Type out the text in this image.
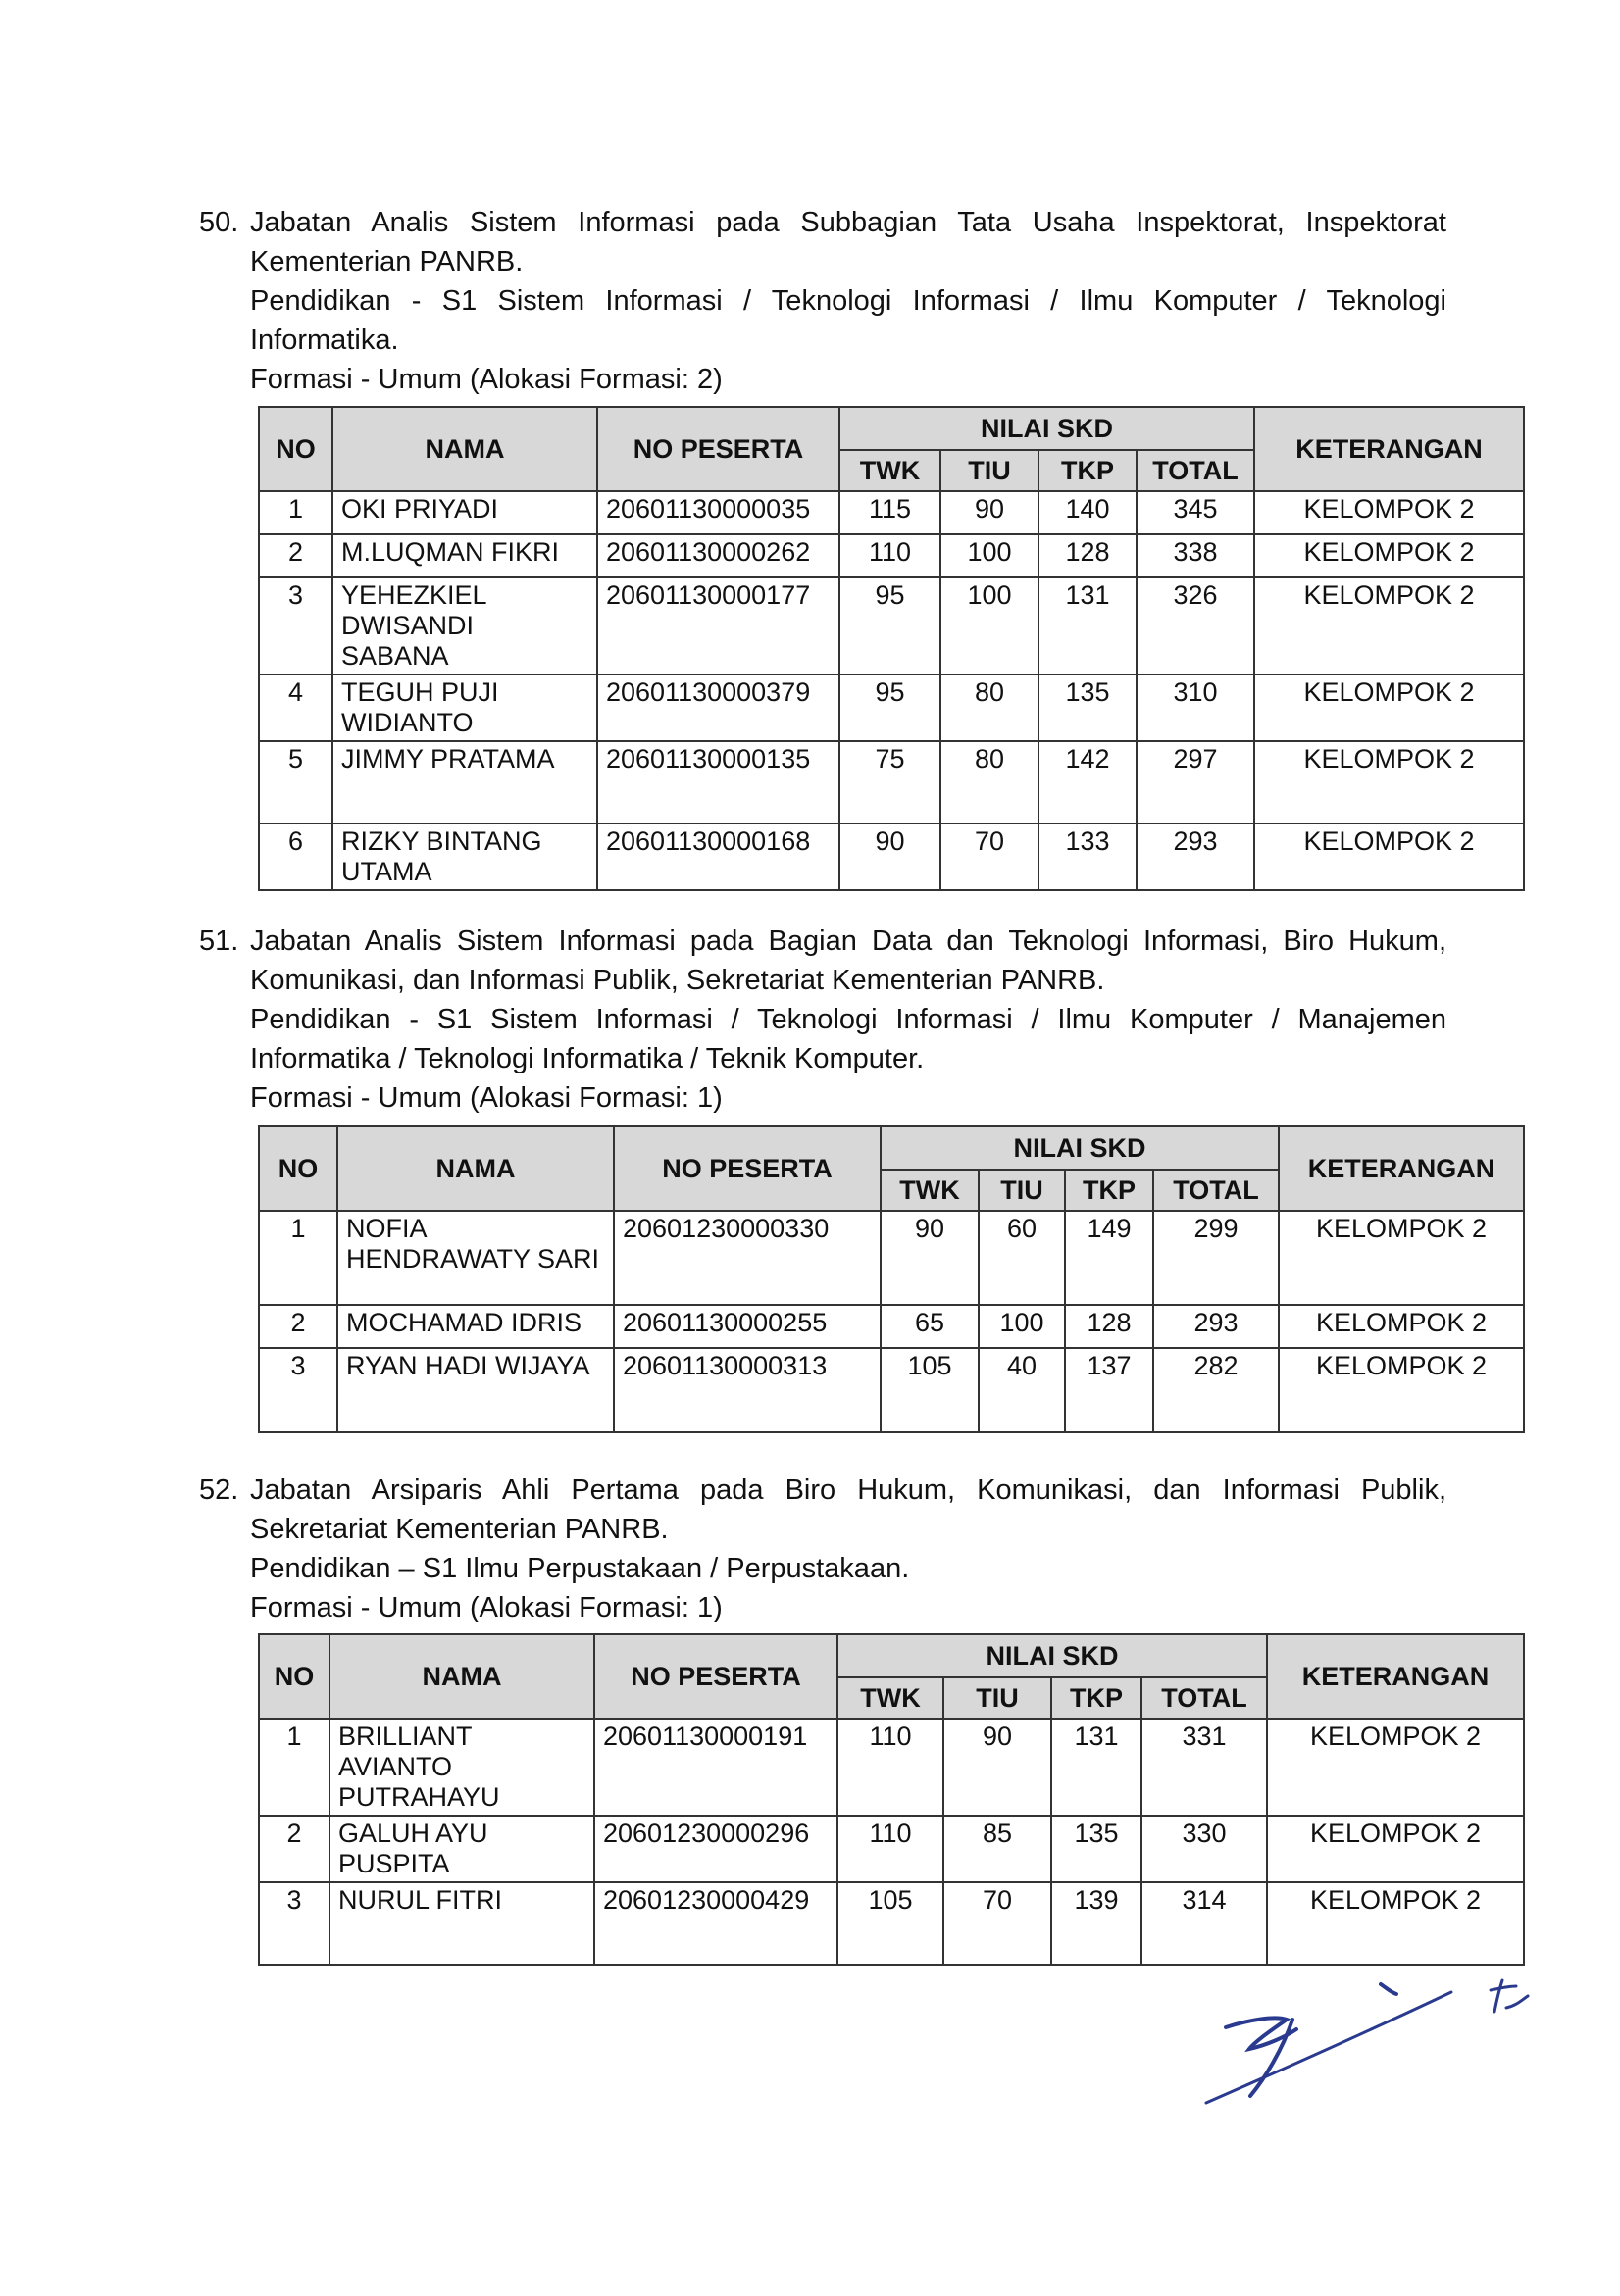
50. Jabatan Analis Sistem Informasi pada Subbagian Tata Usaha Inspektorat, Inspektorat Kementerian PANRB.

Pendidikan - S1 Sistem Informasi / Teknologi Informasi / Ilmu Komputer / Teknologi Informatika.

Formasi - Umum (Alokasi Formasi: 2)

NO	NAMA	NO PESERTA	NILAI SKD				KETERANGAN
			TWK	TIU	TKP	TOTAL	
1	OKI PRIYADI	20601130000035	115	90	140	345	KELOMPOK 2
2	M.LUQMAN FIKRI	20601130000262	110	100	128	338	KELOMPOK 2
3	YEHEZKIEL DWISANDI SABANA	20601130000177	95	100	131	326	KELOMPOK 2
4	TEGUH PUJI WIDIANTO	20601130000379	95	80	135	310	KELOMPOK 2
5	JIMMY PRATAMA	20601130000135	75	80	142	297	KELOMPOK 2
6	RIZKY BINTANG UTAMA	20601130000168	90	70	133	293	KELOMPOK 2
51. Jabatan Analis Sistem Informasi pada Bagian Data dan Teknologi Informasi, Biro Hukum, Komunikasi, dan Informasi Publik, Sekretariat Kementerian PANRB.

Pendidikan - S1 Sistem Informasi / Teknologi Informasi / Ilmu Komputer / Manajemen Informatika / Teknologi Informatika / Teknik Komputer.

Formasi - Umum (Alokasi Formasi: 1)

NO	NAMA	NO PESERTA	NILAI SKD				KETERANGAN
			TWK	TIU	TKP	TOTAL	
1	NOFIA HENDRAWATY SARI	20601230000330	90	60	149	299	KELOMPOK 2
2	MOCHAMAD IDRIS	20601130000255	65	100	128	293	KELOMPOK 2
3	RYAN HADI WIJAYA	20601130000313	105	40	137	282	KELOMPOK 2
52. Jabatan Arsiparis Ahli Pertama pada Biro Hukum, Komunikasi, dan Informasi Publik, Sekretariat Kementerian PANRB.

Pendidikan – S1 Ilmu Perpustakaan / Perpustakaan.

Formasi - Umum (Alokasi Formasi: 1)

NO	NAMA	NO PESERTA	NILAI SKD				KETERANGAN
			TWK	TIU	TKP	TOTAL	
1	BRILLIANT AVIANTO PUTRAHAYU	20601130000191	110	90	131	331	KELOMPOK 2
2	GALUH AYU PUSPITA	20601230000296	110	85	135	330	KELOMPOK 2
3	NURUL FITRI	20601230000429	105	70	139	314	KELOMPOK 2
